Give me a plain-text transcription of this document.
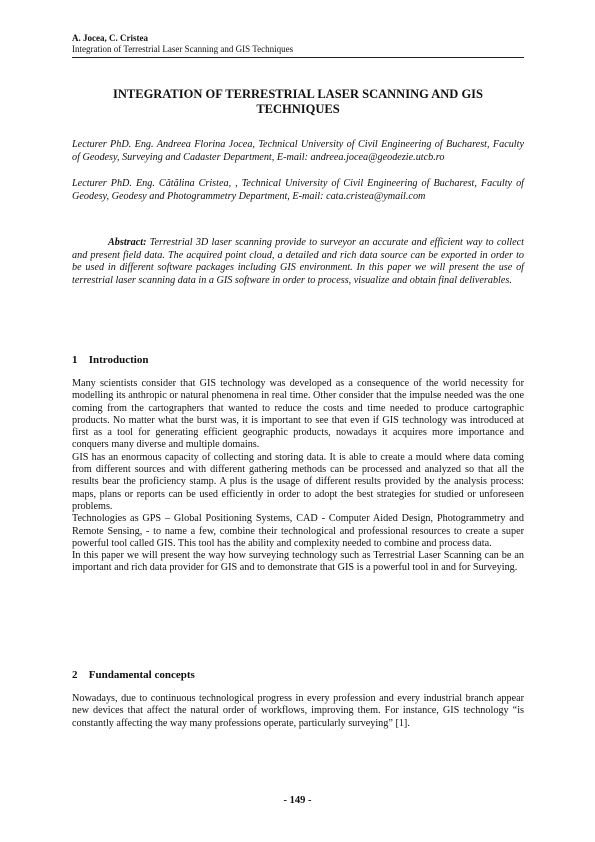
A. Jocea, C. Cristea
Integration of Terrestrial Laser Scanning and GIS Techniques
INTEGRATION OF TERRESTRIAL LASER SCANNING AND GIS TECHNIQUES
Lecturer PhD. Eng. Andreea Florina Jocea, Technical University of Civil Engineering of Bucharest, Faculty of Geodesy, Surveying and Cadaster Department, E-mail: andreea.jocea@geodezie.utcb.ro
Lecturer PhD. Eng. Cătălina Cristea, , Technical University of Civil Engineering of Bucharest, Faculty of Geodesy, Geodesy and Photogrammetry Department, E-mail: cata.cristea@ymail.com
Abstract: Terrestrial 3D laser scanning provide to surveyor an accurate and efficient way to collect and present field data. The acquired point cloud, a detailed and rich data source can be exported in order to be used in different software packages including GIS environment. In this paper we will present the use of terrestrial laser scanning data in a GIS software in order to process, visualize and obtain final deliverables.
1 Introduction

Many scientists consider that GIS technology was developed as a consequence of the world necessity for modelling its anthropic or natural phenomena in real time. Other consider that the impulse needed was the one coming from the cartographers that wanted to reduce the costs and time needed to produce cartographic products. No matter what the burst was, it is important to see that even if GIS technology was introduced at first as a tool for generating efficient geographic products, nowadays it acquires more importance and conquers many diverse and multiple domains.

GIS has an enormous capacity of collecting and storing data. It is able to create a mould where data coming from different sources and with different gathering methods can be processed and analyzed so that all the results bear the proficiency stamp. A plus is the usage of different results provided by the analysis process: maps, plans or reports can be used efficiently in order to adopt the best strategies for studied or unforeseen problems.

Technologies as GPS – Global Positioning Systems, CAD - Computer Aided Design, Photogrammetry and Remote Sensing, - to name a few, combine their technological and professional resources to create a super powerful tool called GIS. This tool has the ability and complexity needed to combine and process data.

In this paper we will present the way how surveying technology such as Terrestrial Laser Scanning can be an important and rich data provider for GIS and to demonstrate that GIS is a powerful tool in and for Surveying.

2 Fundamental concepts

Nowadays, due to continuous technological progress in every profession and every industrial branch appear new devices that affect the natural order of workflows, improving them. For instance, GIS technology “is constantly affecting the way many professions operate, particularly surveying” [1].

- 149 -
